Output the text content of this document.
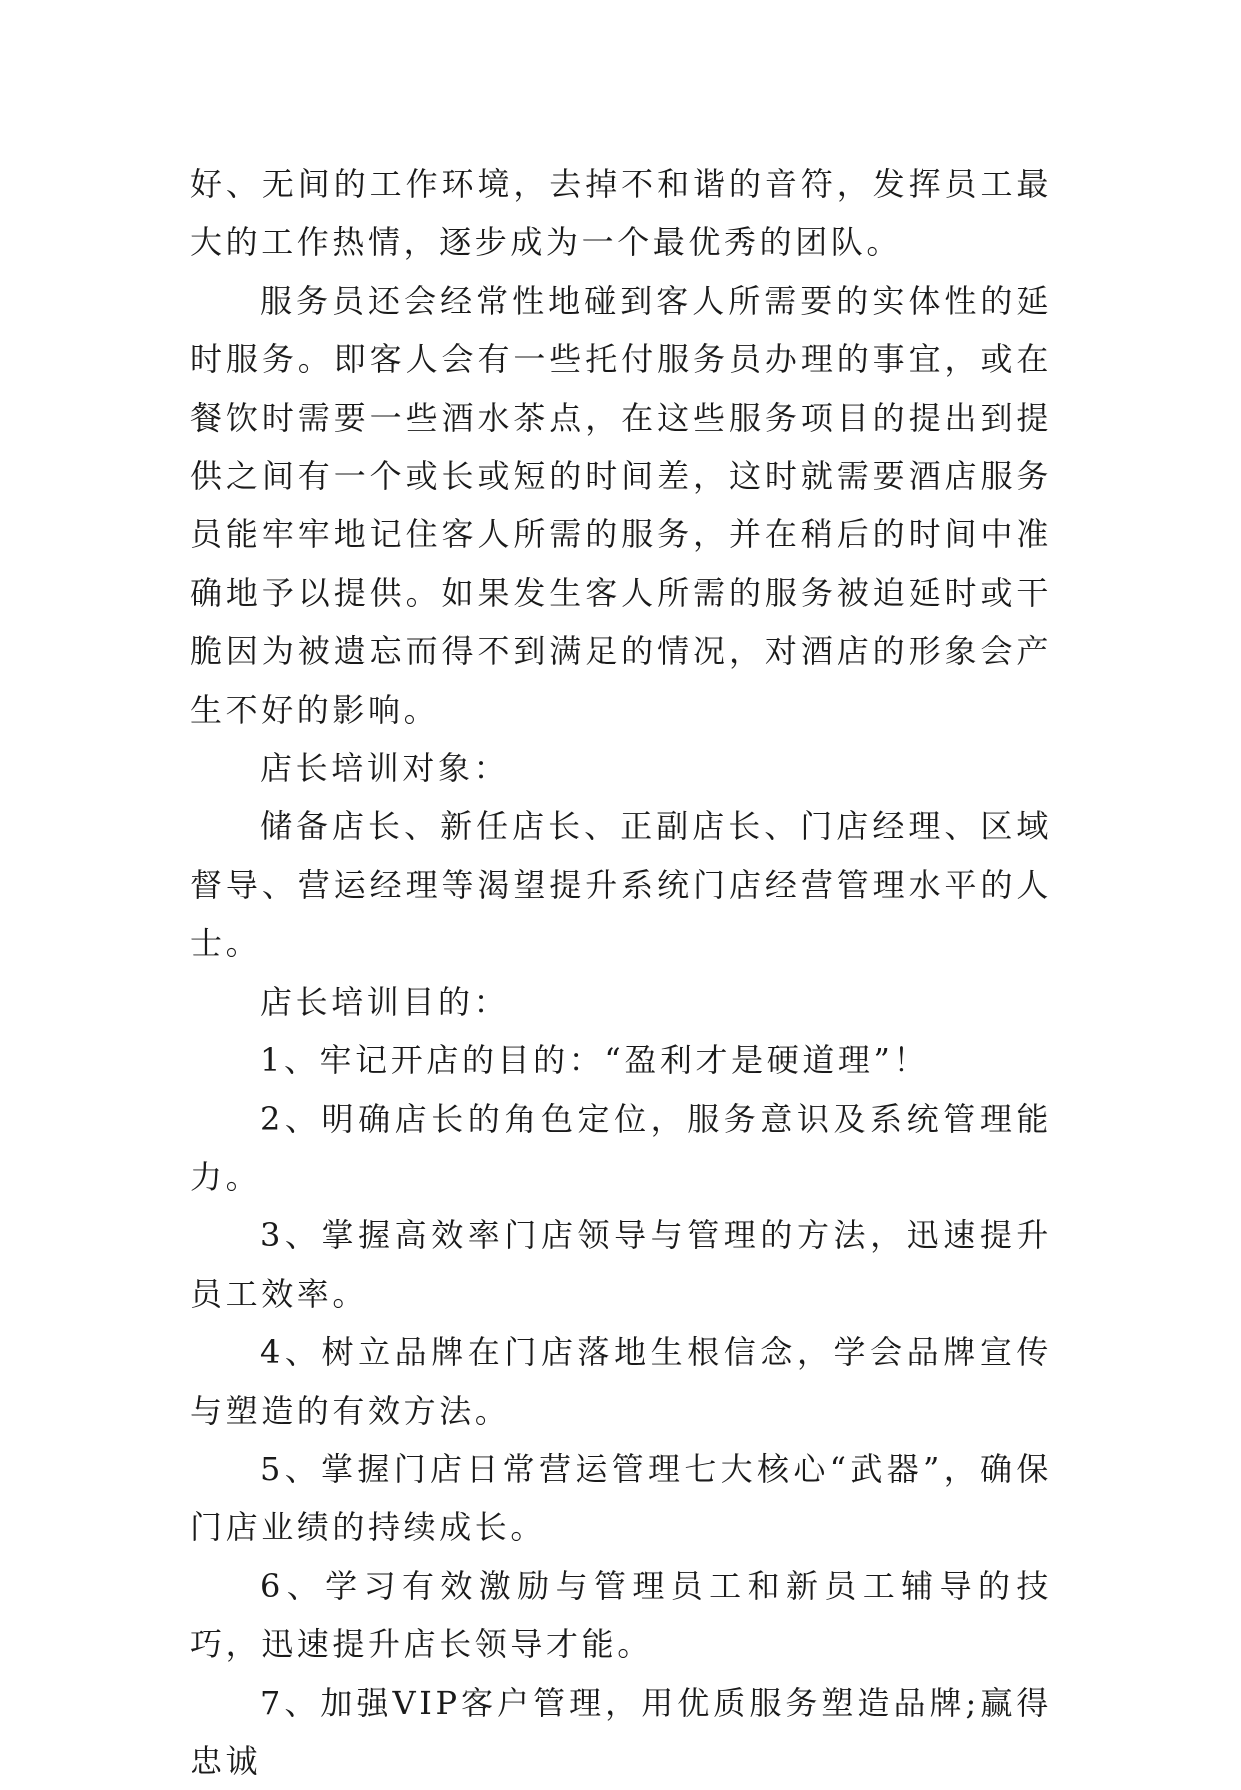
好、无间的工作环境，去掉不和谐的音符，发挥员工最大的工作热情，逐步成为一个最优秀的团队。

服务员还会经常性地碰到客人所需要的实体性的延时服务。即客人会有一些托付服务员办理的事宜，或在餐饮时需要一些酒水茶点，在这些服务项目的提出到提供之间有一个或长或短的时间差，这时就需要酒店服务员能牢牢地记住客人所需的服务，并在稍后的时间中准确地予以提供。如果发生客人所需的服务被迫延时或干脆因为被遗忘而得不到满足的情况，对酒店的形象会产生不好的影响。

店长培训对象：

储备店长、新任店长、正副店长、门店经理、区域督导、营运经理等渴望提升系统门店经营管理水平的人士。

店长培训目的：

1、牢记开店的目的：“盈利才是硬道理”！

2、明确店长的角色定位，服务意识及系统管理能力。

3、掌握高效率门店领导与管理的方法，迅速提升员工效率。

4、树立品牌在门店落地生根信念，学会品牌宣传与塑造的有效方法。

5、掌握门店日常营运管理七大核心“武器”，确保门店业绩的持续成长。

6、学习有效激励与管理员工和新员工辅导的技巧，迅速提升店长领导才能。

7、加强VIP客户管理，用优质服务塑造品牌;赢得忠诚
